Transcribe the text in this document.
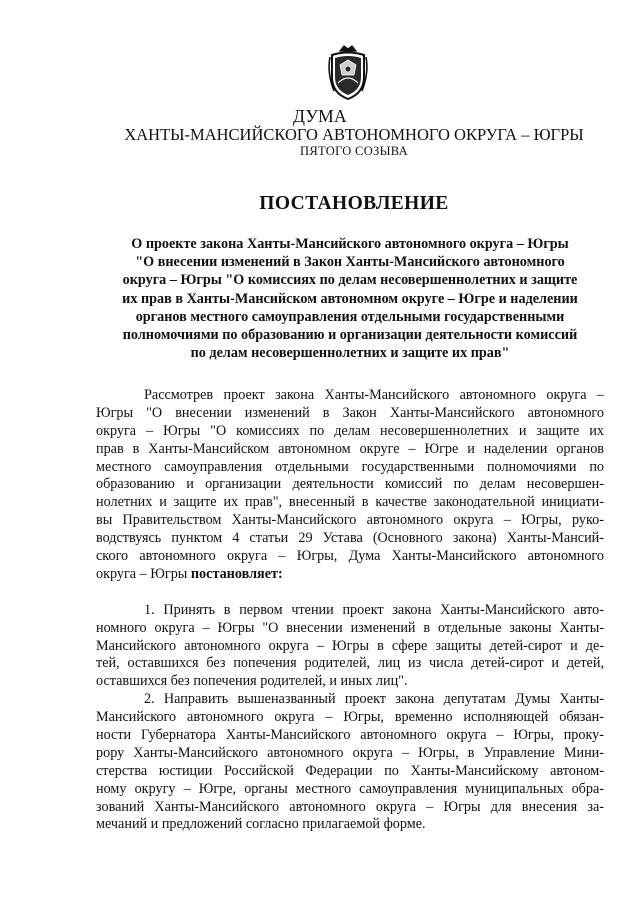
ДУМА
ХАНТЫ-МАНСИЙСКОГО АВТОНОМНОГО ОКРУГА – ЮГРЫ
ПЯТОГО СОЗЫВА
ПОСТАНОВЛЕНИЕ
О проекте закона Ханты-Мансийского автономного округа – Югры
"О внесении изменений в Закон Ханты-Мансийского автономного
округа – Югры "О комиссиях по делам несовершеннолетних и защите
их прав в Ханты-Мансийском автономном округе – Югре и наделении
органов местного самоуправления отдельными государственными
полномочиями по образованию и организации деятельности комиссий
по делам несовершеннолетних и защите их прав"
Рассмотрев проект закона Ханты-Мансийского автономного округа –
Югры "О внесении изменений в Закон Ханты-Мансийского автономного
округа – Югры "О комиссиях по делам несовершеннолетних и защите их
прав в Ханты-Мансийском автономном округе – Югре и наделении органов
местного самоуправления отдельными государственными полномочиями по
образованию и организации деятельности комиссий по делам несовершен-
нолетних и защите их прав", внесенный в качестве законодательной инициати-
вы Правительством Ханты-Мансийского автономного округа – Югры, руко-
водствуясь пунктом 4 статьи 29 Устава (Основного закона) Ханты-Мансий-
ского автономного округа – Югры, Дума Ханты-Мансийского автономного
округа – Югры постановляет:
1. Принять в первом чтении проект закона Ханты-Мансийского авто-
номного округа – Югры "О внесении изменений в отдельные законы Ханты-
Мансийского автономного округа – Югры в сфере защиты детей-сирот и де-
тей, оставшихся без попечения родителей, лиц из числа детей-сирот и детей,
оставшихся без попечения родителей, и иных лиц".
2. Направить вышеназванный проект закона депутатам Думы Ханты-
Мансийского автономного округа – Югры, временно исполняющей обязан-
ности Губернатора Ханты-Мансийского автономного округа – Югры, проку-
рору Ханты-Мансийского автономного округа – Югры, в Управление Мини-
стерства юстиции Российской Федерации по Ханты-Мансийскому автоном-
ному округу – Югре, органы местного самоуправления муниципальных обра-
зований Ханты-Мансийского автономного округа – Югры для внесения за-
мечаний и предложений согласно прилагаемой форме.
